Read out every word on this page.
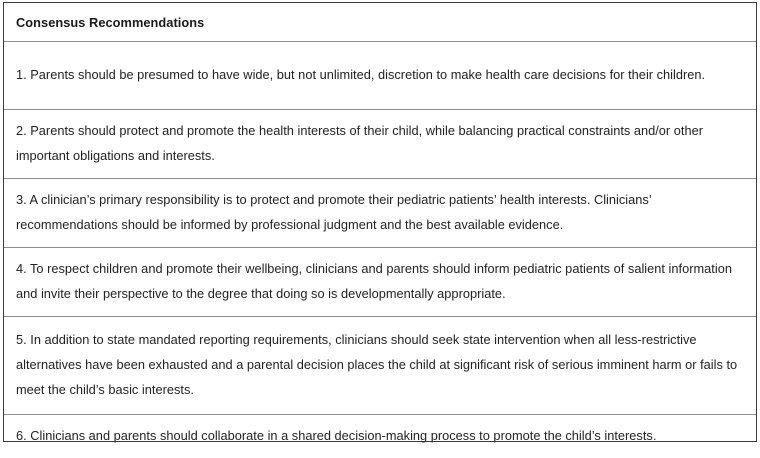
Consensus Recommendations
1. Parents should be presumed to have wide, but not unlimited, discretion to make health care decisions for their children.
2. Parents should protect and promote the health interests of their child, while balancing practical constraints and/or other important obligations and interests.
3. A clinician’s primary responsibility is to protect and promote their pediatric patients’ health interests. Clinicians’ recommendations should be informed by professional judgment and the best available evidence.
4. To respect children and promote their wellbeing, clinicians and parents should inform pediatric patients of salient information and invite their perspective to the degree that doing so is developmentally appropriate.
5. In addition to state mandated reporting requirements, clinicians should seek state intervention when all less-restrictive alternatives have been exhausted and a parental decision places the child at significant risk of serious imminent harm or fails to meet the child’s basic interests.
6. Clinicians and parents should collaborate in a shared decision-making process to promote the child’s interests.
